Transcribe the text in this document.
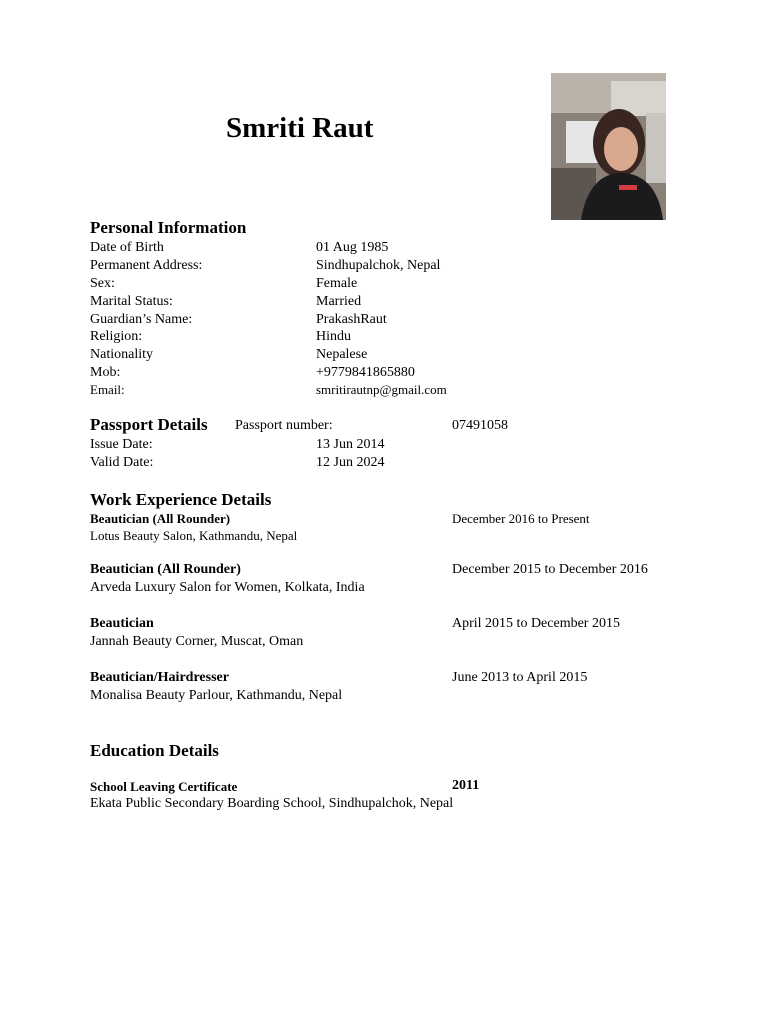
Smriti Raut
Personal Information
Date of Birth	01 Aug 1985
Permanent Address:	Sindhupalchok, Nepal
Sex:	Female
Marital Status:	Married
Guardian’s Name:	PrakashRaut
Religion:	Hindu
Nationality	Nepalese
Mob:	+9779841865880
Email:	smritirautnp@gmail.com
Passport Details Passport number:	07491058
Issue Date:	13 Jun 2014
Valid Date:	12 Jun 2024
Work Experience Details
Beautician (All Rounder)	December 2016 to Present
Lotus Beauty Salon, Kathmandu, Nepal
Beautician (All Rounder)	December 2015 to December 2016
Arveda Luxury Salon for Women, Kolkata, India
Beautician	April 2015 to December 2015
Jannah Beauty Corner, Muscat, Oman
Beautician/Hairdresser	June 2013 to April 2015
Monalisa Beauty Parlour, Kathmandu, Nepal
Education Details
School Leaving Certificate	2011
Ekata Public Secondary Boarding School, Sindhupalchok, Nepal
